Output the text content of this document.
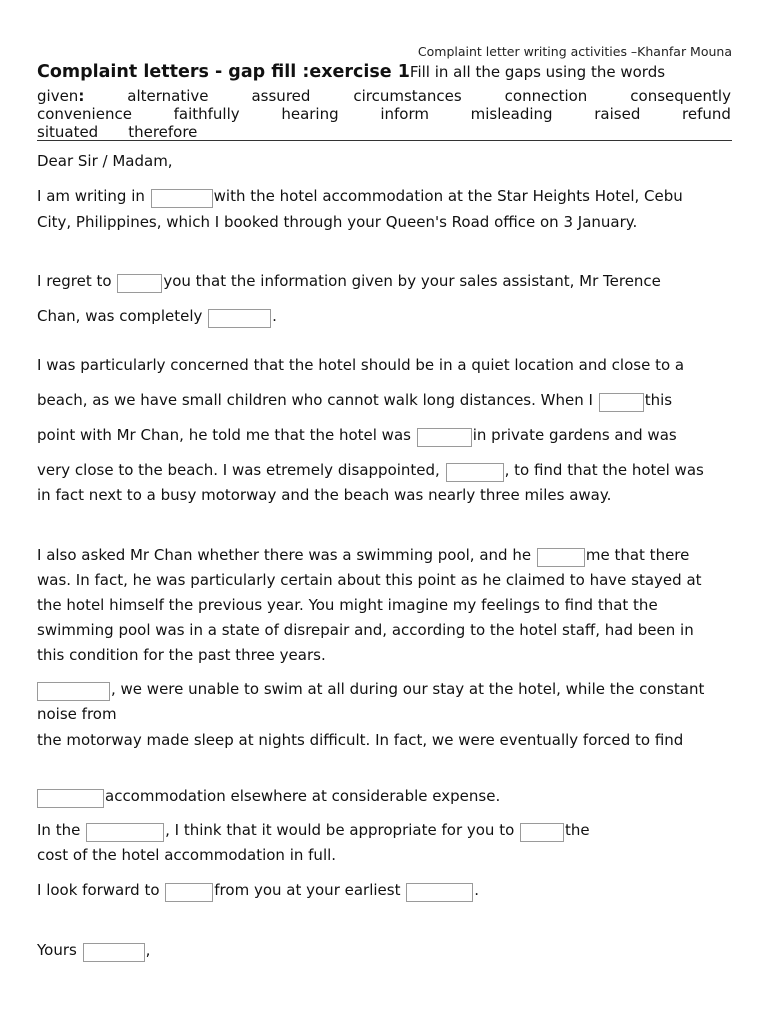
Complaint letter writing activities –Khanfar Mouna
Complaint letters - gap fill :exercise 1Fill in all the gaps using the words
given:	alternative	assured	circumstances	connection	consequently
convenience	faithfully	hearing	inform	misleading	raised	refund
situated therefore
Dear Sir / Madam,
I am writing in	with the hotel accommodation at the Star Heights Hotel, Cebu
City, Philippines, which I booked through your Queen's Road office on 3 January.
I regret to	you that the information given by your sales assistant, Mr Terence
Chan, was completely	.
I was particularly concerned that the hotel should be in a quiet location and close to a
beach, as we have small children who cannot walk long distances. When I	this
point with Mr Chan, he told me that the hotel was	in private gardens and was
very close to the beach. I was etremely disappointed,	, to find that the hotel was
in fact next to a busy motorway and the beach was nearly three miles away.
I also asked Mr Chan whether there was a swimming pool, and he	me that there
was. In fact, he was particularly certain about this point as he claimed to have stayed at
the hotel himself the previous year. You might imagine my feelings to find that the
swimming pool was in a state of disrepair and, according to the hotel staff, had been in
this condition for the past three years.
, we were unable to swim at all during our stay at the hotel, while the constant
noise from
the motorway made sleep at nights difficult. In fact, we were eventually forced to find
accommodation elsewhere at considerable expense.
In the	, I think that it would be appropriate for you to	the
cost of the hotel accommodation in full.
I look forward to	from you at your earliest	.
Yours	,
